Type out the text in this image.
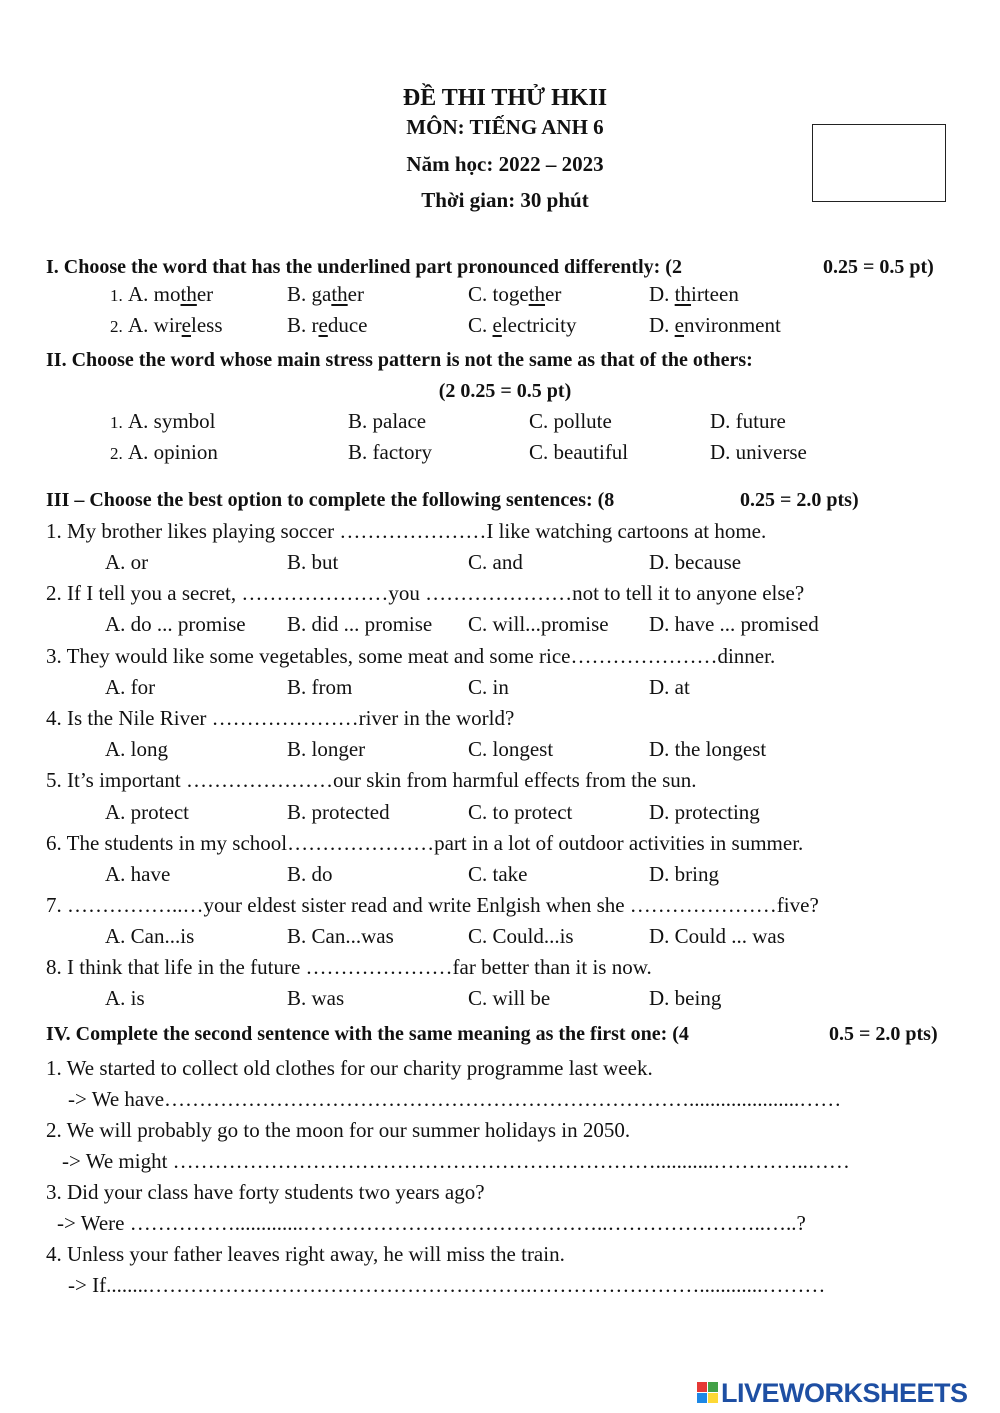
ĐỀ THI THỬ HKII
MÔN: TIẾNG ANH 6
Năm học: 2022 – 2023
Thời gian: 30 phút
I. Choose the word that has the underlined part pronounced differently: (2	0.25 = 0.5 pt)
1. A. mother	B. gather	C. together	D. thirteen
2. A. wireless	B. reduce	C. electricity	D. environment
II. Choose the word whose main stress pattern is not the same as that of the others:
(2 0.25 = 0.5 pt)
1. A. symbol	B. palace	C. pollute	D. future
2. A. opinion	B. factory	C. beautiful	D. universe
III – Choose the best option to complete the following sentences: (8	0.25 = 2.0 pts)
1. My brother likes playing soccer …………………I like watching cartoons at home.
A. or	B. but	C. and	D. because
2. If I tell you a secret, …………………you …………………not to tell it to anyone else?
A. do ... promise B. did ... promise C. will...promise D. have ... promised
3. They would like some vegetables, some meat and some rice…………………dinner.
A. for	B. from	C. in	D. at
4. Is the Nile River …………………river in the world?
A. long	B. longer	C. longest	D. the longest
5. It’s important …………………our skin from harmful effects from the sun.
A. protect	B. protected	C. to protect	D. protecting
6. The students in my school…………………part in a lot of outdoor activities in summer.
A. have	B. do	C. take	D. bring
7. ……………..…your eldest sister read and write Enlgish when she …………………five?
A. Can...is	B. Can...was	C. Could...is	D. Could ... was
8. I think that life in the future …………………far better than it is now.
A. is	B. was	C. will be	D. being
IV. Complete the second sentence with the same meaning as the first one: (4	0.5 = 2.0 pts)
1. We started to collect old clothes for our charity programme last week.
-> We have………………………………………………………………….....................……
2. We will probably go to the moon for our summer holidays in 2050.
-> We might ……………………………………………………………...........…………..……
3. Did your class have forty students two years ago?
-> Were …………….............……………………………………..…………………..…..?
4. Unless your father leaves right away, he will miss the train.
-> If........……………………………………………….……………………............………
LIVEWORKSHEETS
